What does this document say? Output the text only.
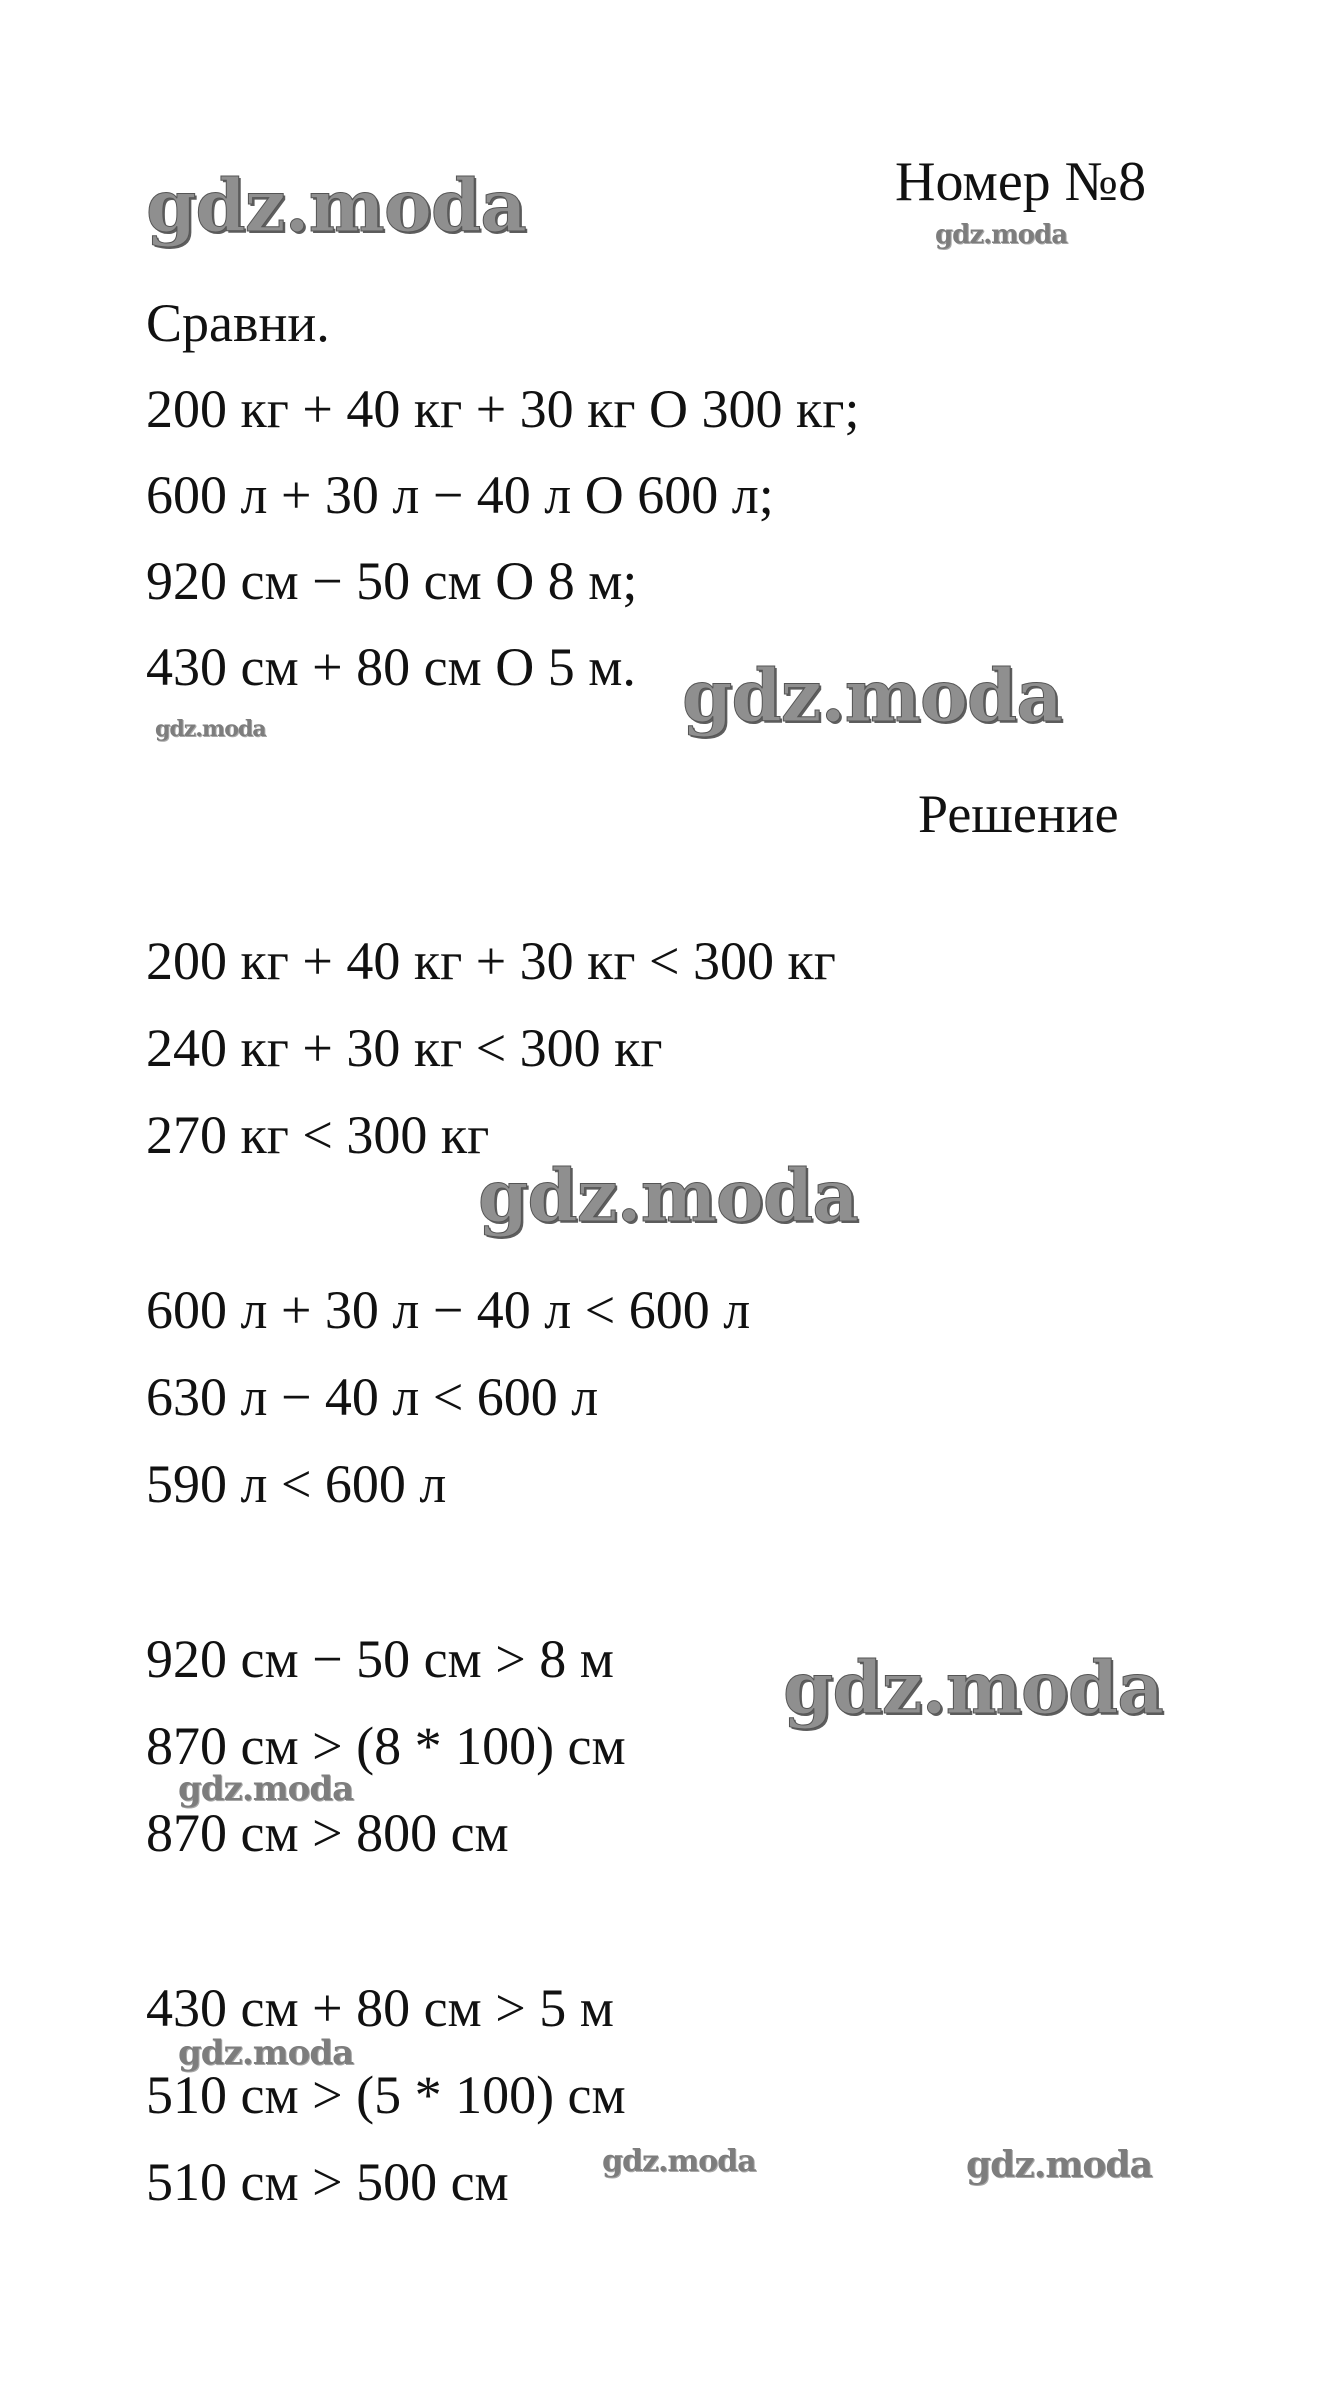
gdz.moda	gdz.moda
gdz.moda
gdz.moda
gdz.moda
gdz.moda
gdz.moda
gdz.moda
gdz.moda	gdz.moda
Номер №8
Сравни.
200 кг + 40 кг + 30 кг О 300 кг;
600 л + 30 л − 40 л О 600 л;
920 см − 50 см О 8 м;
430 см + 80 см О 5 м.
Решение
200 кг + 40 кг + 30 кг < 300 кг
240 кг + 30 кг < 300 кг
270 кг < 300 кг
600 л + 30 л − 40 л < 600 л
630 л − 40 л < 600 л
590 л < 600 л
920 см − 50 см > 8 м
870 см > (8 * 100) см
870 см > 800 см
430 см + 80 см > 5 м
510 см > (5 * 100) см
510 см > 500 см
